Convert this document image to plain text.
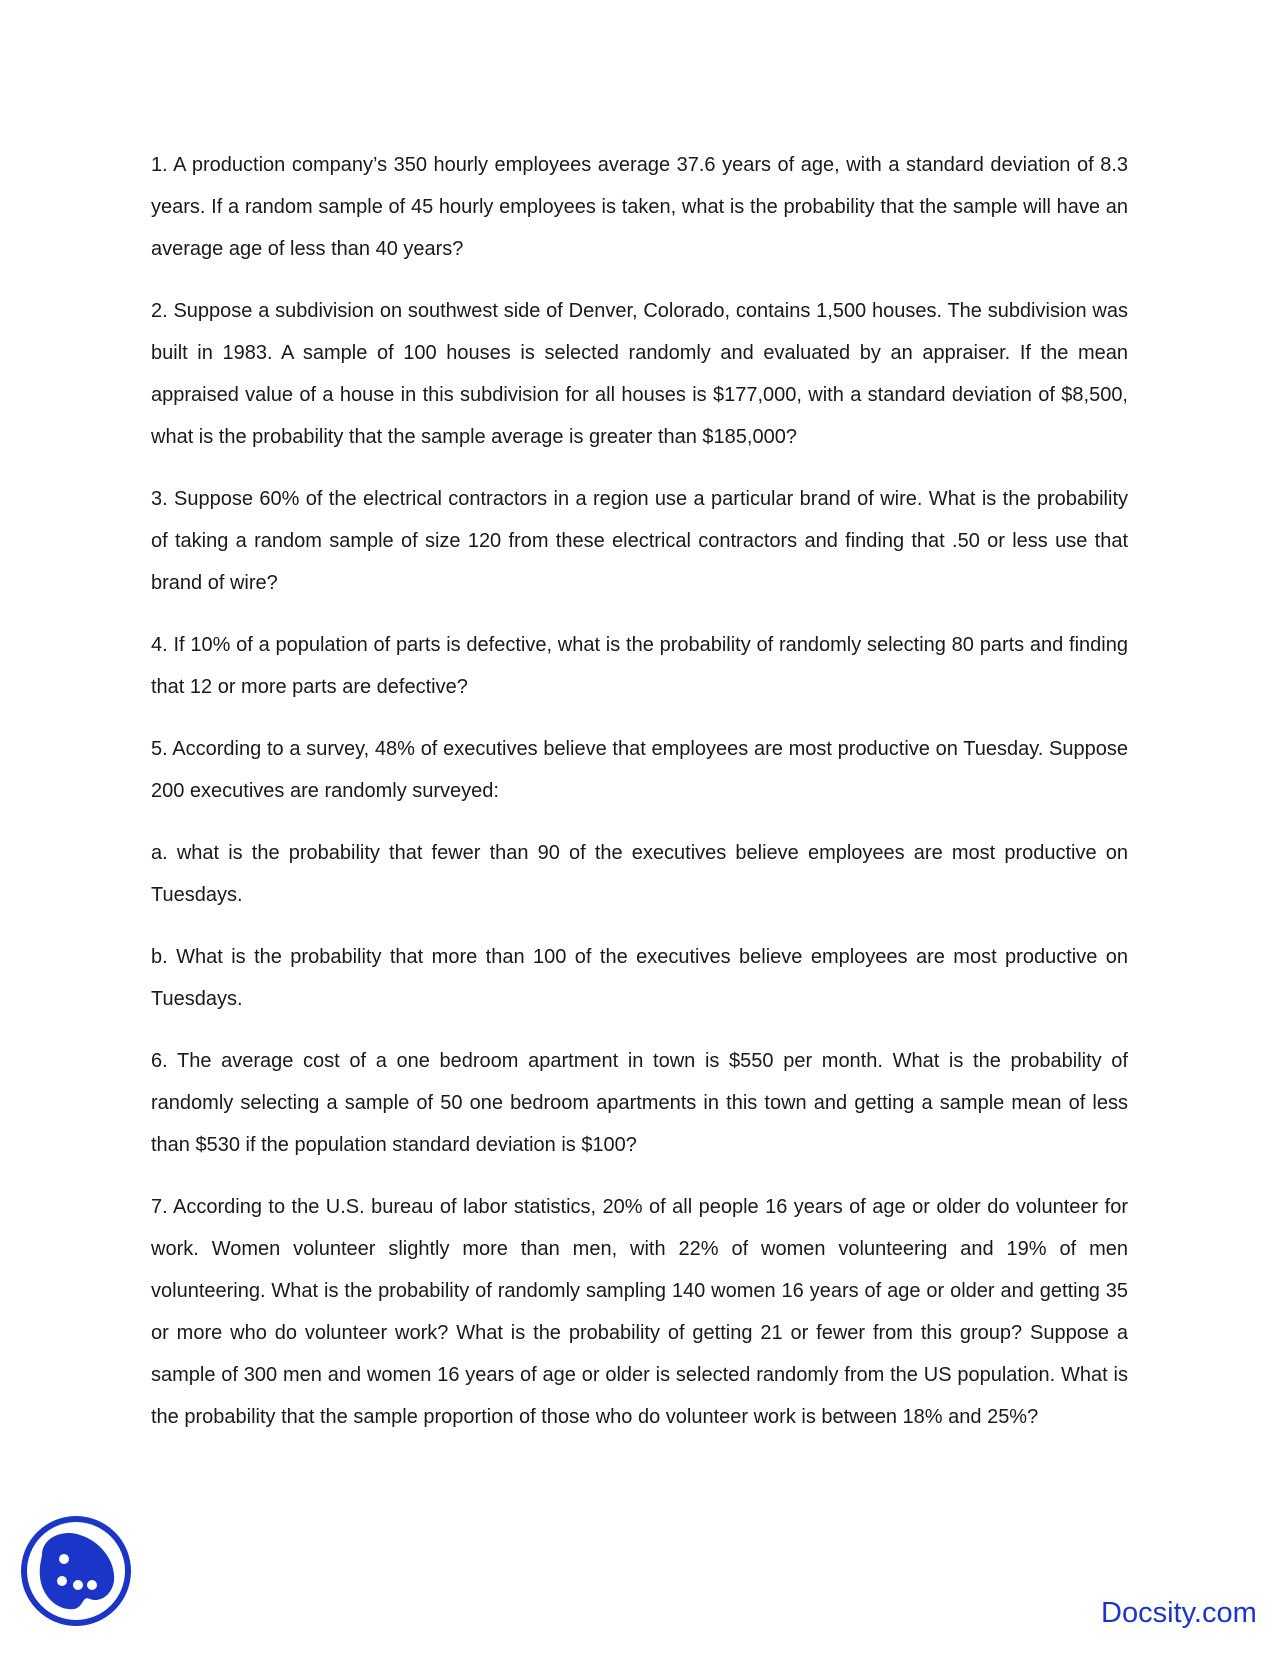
1. A production company’s 350 hourly employees average 37.6 years of age, with a standard deviation of 8.3 years. If a random sample of 45 hourly employees is taken, what is the probability that the sample will have an average age of less than 40 years?

2. Suppose a subdivision on southwest side of Denver, Colorado, contains 1,500 houses. The subdivision was built in 1983. A sample of 100 houses is selected randomly and evaluated by an appraiser. If the mean appraised value of a house in this subdivision for all houses is $177,000, with a standard deviation of $8,500, what is the probability that the sample average is greater than $185,000?

3. Suppose 60% of the electrical contractors in a region use a particular brand of wire. What is the probability of taking a random sample of size 120 from these electrical contractors and finding that .50 or less use that brand of wire?

4. If 10% of a population of parts is defective, what is the probability of randomly selecting 80 parts and finding that 12 or more parts are defective?

5. According to a survey, 48% of executives believe that employees are most productive on Tuesday. Suppose 200 executives are randomly surveyed:

a. what is the probability that fewer than 90 of the executives believe employees are most productive on Tuesdays.

b. What is the probability that more than 100 of the executives believe employees are most productive on Tuesdays.

6. The average cost of a one bedroom apartment in town is $550 per month. What is the probability of randomly selecting a sample of 50 one bedroom apartments in this town and getting a sample mean of less than $530 if the population standard deviation is $100?

7. According to the U.S. bureau of labor statistics, 20% of all people 16 years of age or older do volunteer for work. Women volunteer slightly more than men, with 22% of women volunteering and 19% of men volunteering. What is the probability of randomly sampling 140 women 16 years of age or older and getting 35 or more who do volunteer work? What is the probability of getting 21 or fewer from this group? Suppose a sample of 300 men and women 16 years of age or older is selected randomly from the US population. What is the probability that the sample proportion of those who do volunteer work is between 18% and 25%?

Docsity.com
